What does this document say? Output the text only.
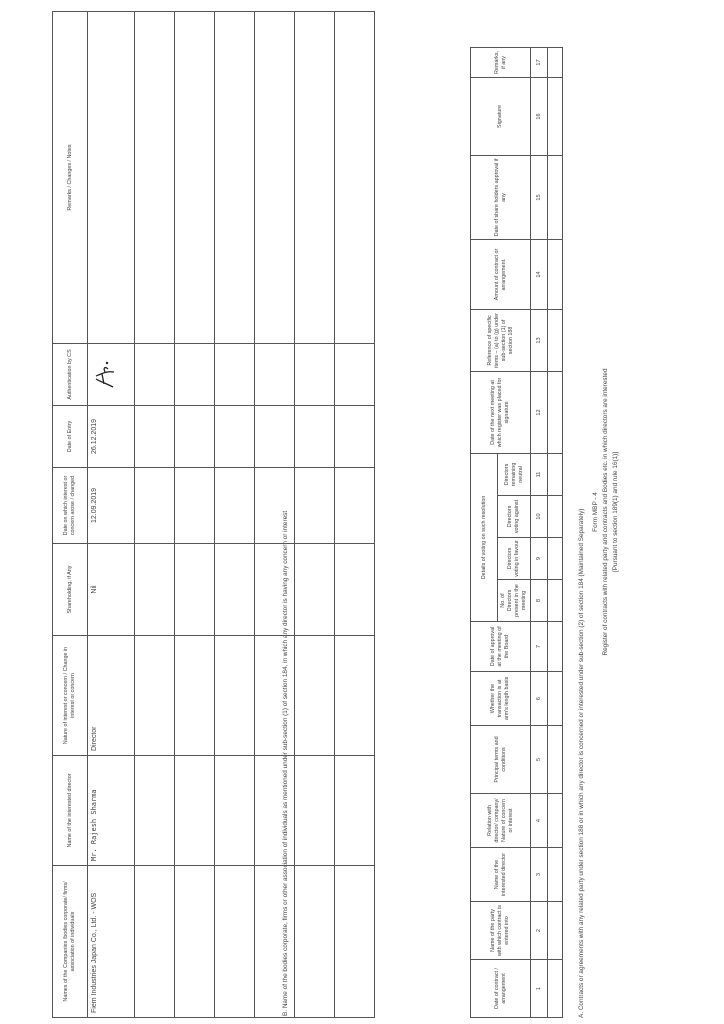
Form MBP - 4 Register of contracts with related party and contracts and Bodies etc. in which directors are interested [Pursuant to section 189(1) and rule 16(1)]
A. Contracts or agreements with any related party under section 188 or in which any director is concerned or interested under sub-section (2) of section 184 (Maintained Separately)
Date of contract / arrangement	Name of the party with which contract is entered into	Name of the interested director	Relation with director/ company/ Nature of concern or interest	Principal terms and conditions	Whether the transaction is at arm's length basis	Date of approval at the meeting of the Board	Details of voting on such resolution				Date of the next meeting at which register was placed for signature	Reference of specific items – (a) to (g) under sub-section (1) of section 188	Amount of contract or arrangement.	Date of share holders approval if any	Signature	Remarks, if any
							No. of Directors present in the meeting	Directors voting in favour	Directors voting against	Directors remaining neutral						
1	2	3	4	5	6	7	8	9	10	11	12	13	14	15	16	17

B. Name of the bodies corporate, firms or other association of individuals as mentioned under sub-section (1) of section 184, in which any director is having any concern or interest
Names of the Companies /bodies corporate/ firms/ association of individuals	Name of the interested director	Nature of interest or concern / Change in interest or concern	Shareholding, if Any	Date on which interest or concern arose / changed	Date of Entry	Authentication by CS	Remarks / Changes / Notes
Fiem Industries Japan Co., Ltd. - WOS	Mr. Rajesh Sharma	Director	Nil	12.09.2019	26.12.2019	
